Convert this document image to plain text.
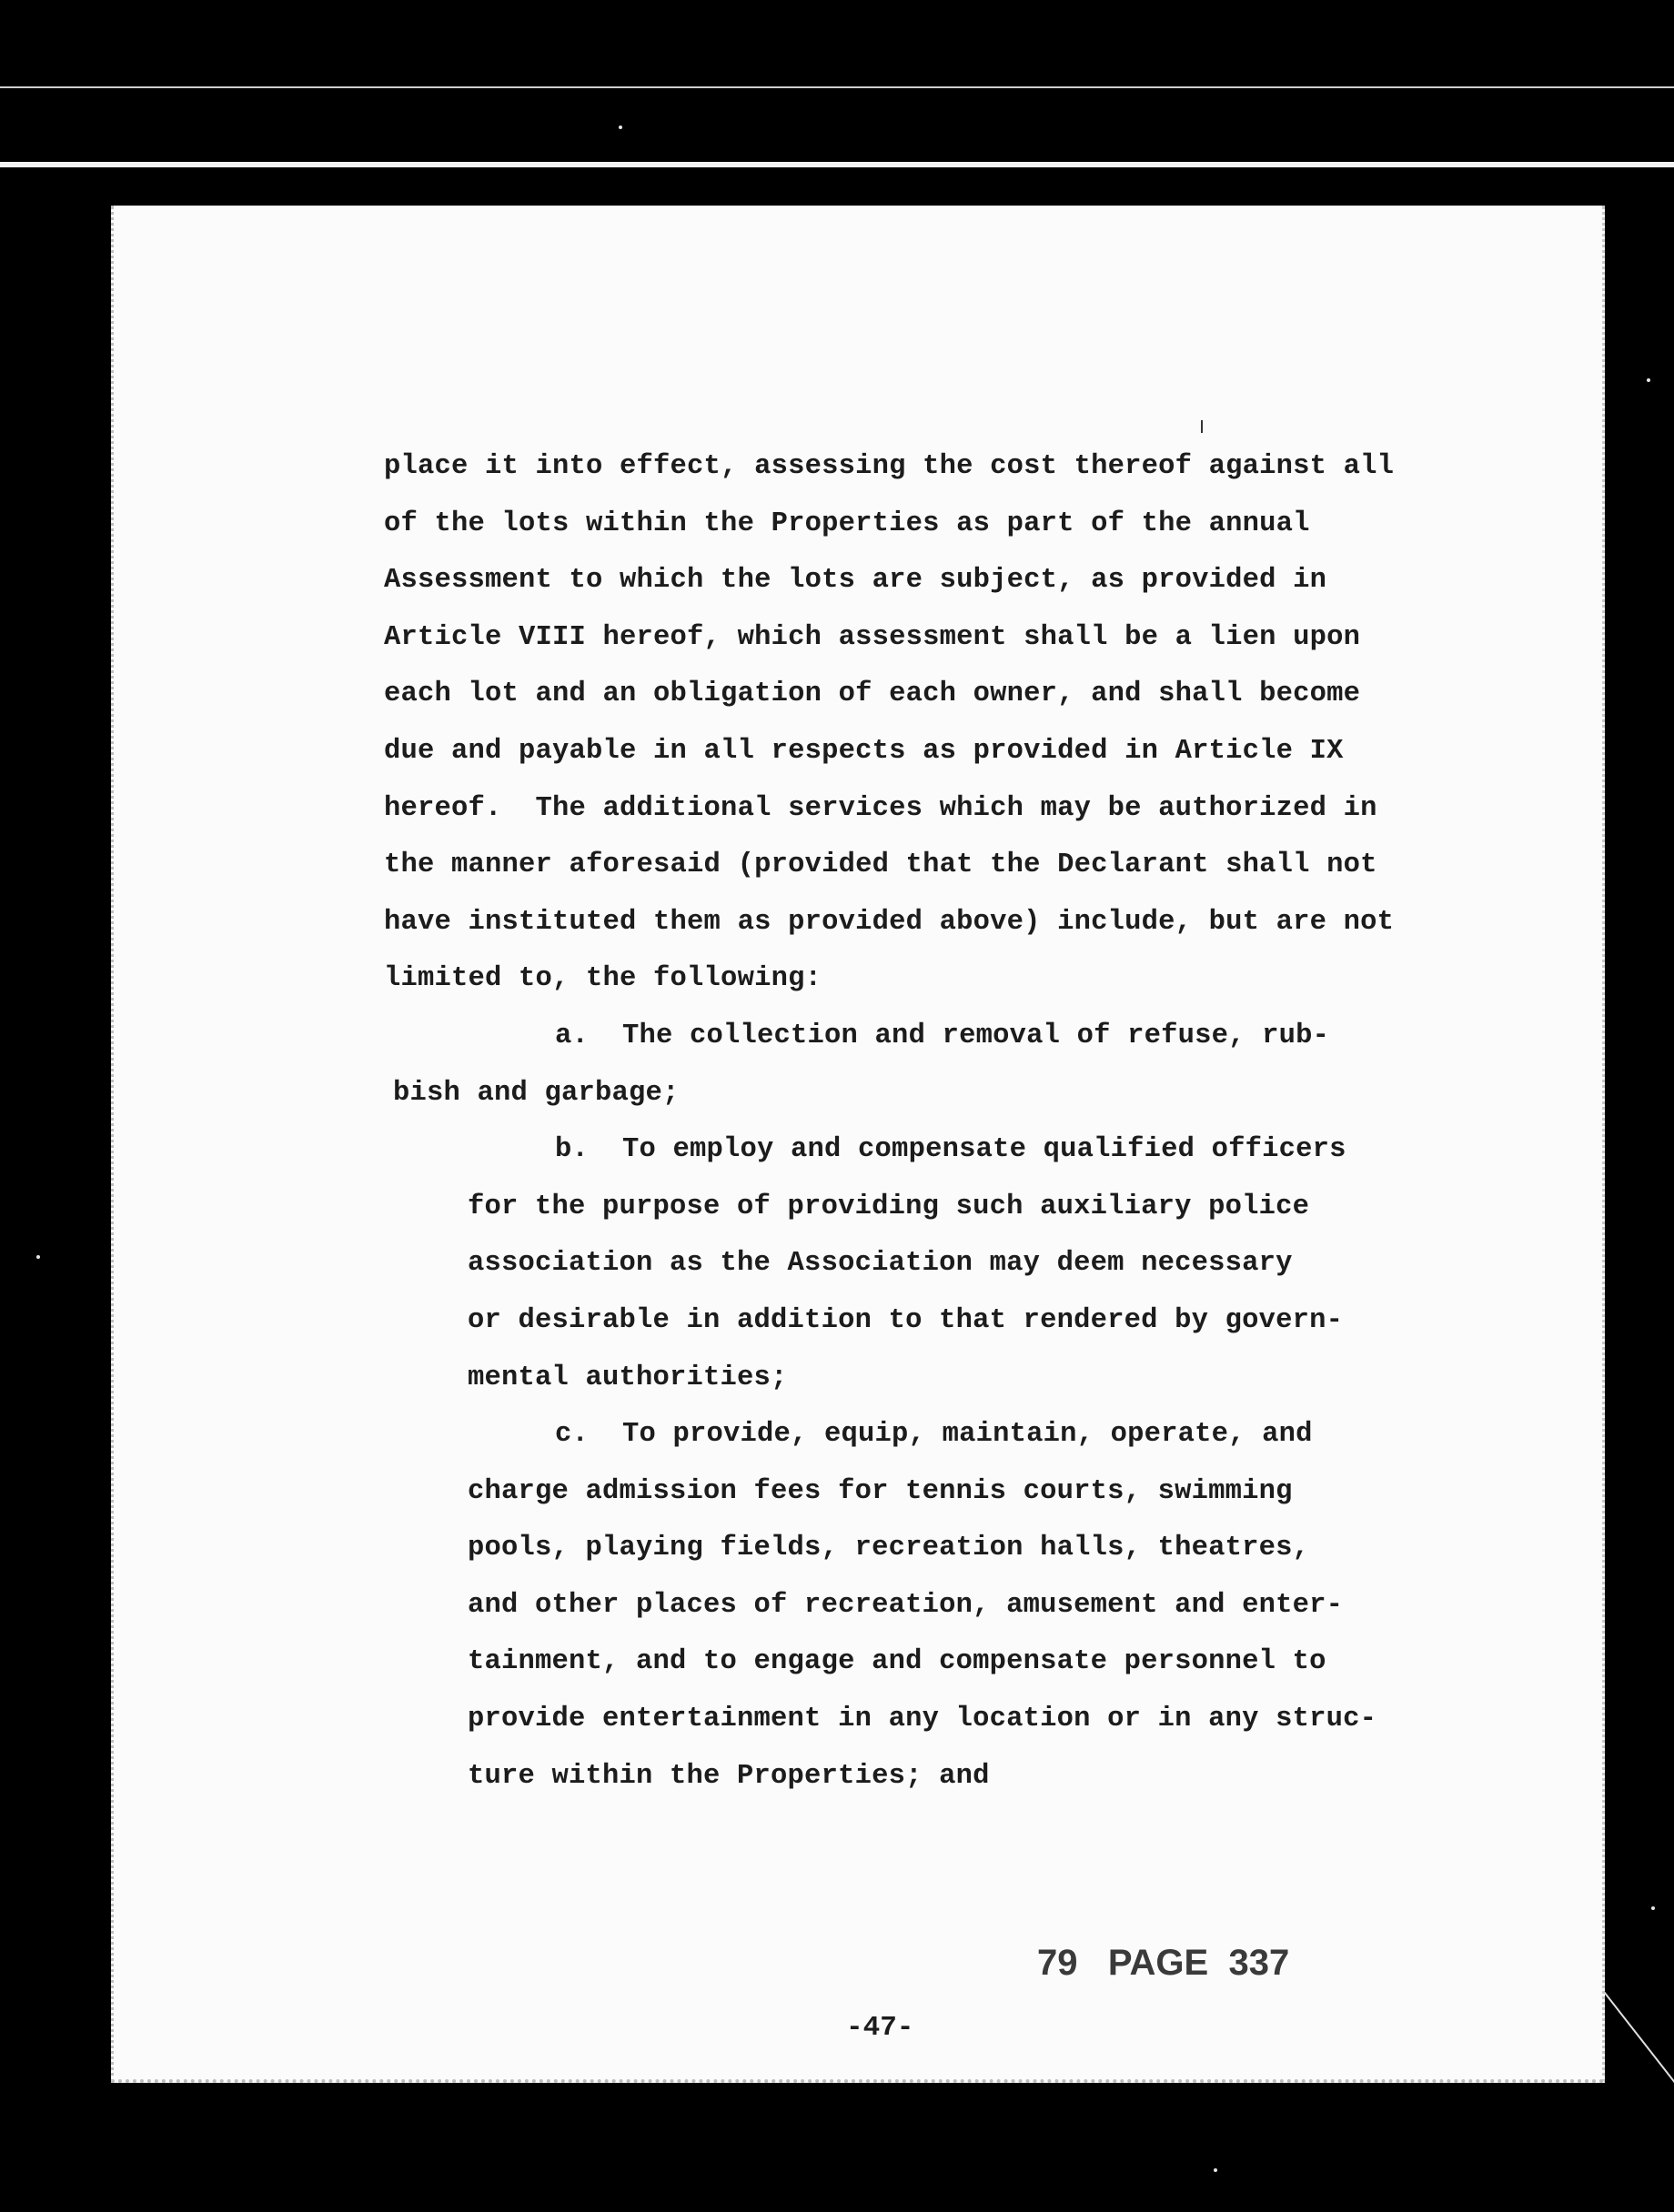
place it into effect, assessing the cost thereof against all
of the lots within the Properties as part of the annual
Assessment to which the lots are subject, as provided in
Article VIII hereof, which assessment shall be a lien upon
each lot and an obligation of each owner, and shall become
due and payable in all respects as provided in Article IX
hereof.  The additional services which may be authorized in
the manner aforesaid (provided that the Declarant shall not
have instituted them as provided above) include, but are not
limited to, the following:
a.  The collection and removal of refuse, rub-
bish and garbage;
b.  To employ and compensate qualified officers
for the purpose of providing such auxiliary police
association as the Association may deem necessary
or desirable in addition to that rendered by govern-
mental authorities;
c.  To provide, equip, maintain, operate, and
charge admission fees for tennis courts, swimming
pools, playing fields, recreation halls, theatres,
and other places of recreation, amusement and enter-
tainment, and to engage and compensate personnel to
provide entertainment in any location or in any struc-
ture within the Properties; and
79   PAGE  337
-47-
